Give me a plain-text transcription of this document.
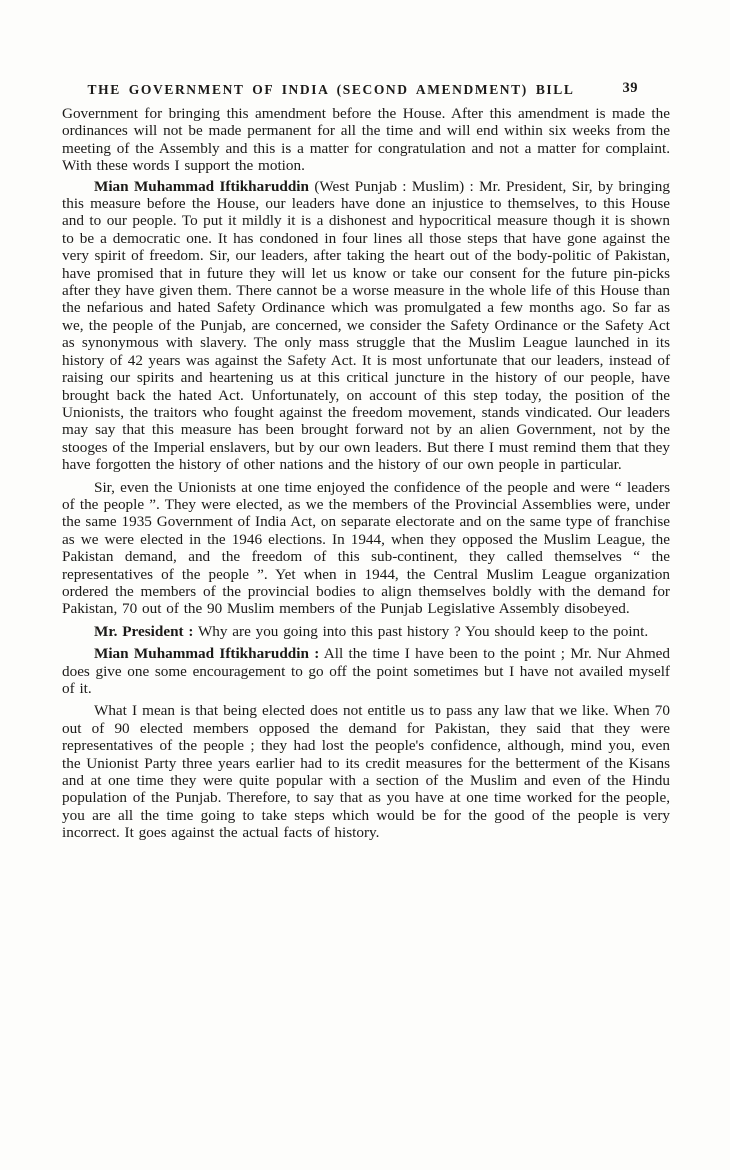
THE GOVERNMENT OF INDIA (SECOND AMENDMENT) BILL	39

Government for bringing this amendment before the House. After this amendment is made the ordinances will not be made permanent for all the time and will end within six weeks from the meeting of the Assembly and this is a matter for congratulation and not a matter for complaint. With these words I support the motion.

Mian Muhammad Iftikharuddin (West Punjab : Muslim) : Mr. President, Sir, by bringing this measure before the House, our leaders have done an injustice to themselves, to this House and to our people. To put it mildly it is a dishonest and hypocritical measure though it is shown to be a democratic one. It has condoned in four lines all those steps that have gone against the very spirit of freedom. Sir, our leaders, after taking the heart out of the body-politic of Pakistan, have promised that in future they will let us know or take our consent for the future pin-picks after they have given them. There cannot be a worse measure in the whole life of this House than the nefarious and hated Safety Ordinance which was promulgated a few months ago. So far as we, the people of the Punjab, are concerned, we consider the Safety Ordinance or the Safety Act as synonymous with slavery. The only mass struggle that the Muslim League launched in its history of 42 years was against the Safety Act. It is most unfortunate that our leaders, instead of raising our spirits and heartening us at this critical juncture in the history of our people, have brought back the hated Act. Unfortunately, on account of this step today, the position of the Unionists, the traitors who fought against the freedom movement, stands vindicated. Our leaders may say that this measure has been brought forward not by an alien Government, not by the stooges of the Imperial enslavers, but by our own leaders. But there I must remind them that they have forgotten the history of other nations and the history of our own people in particular.

Sir, even the Unionists at one time enjoyed the confidence of the people and were “ leaders of the people ”. They were elected, as we the members of the Provincial Assemblies were, under the same 1935 Government of India Act, on separate electorate and on the same type of franchise as we were elected in the 1946 elections. In 1944, when they opposed the Muslim League, the Pakistan demand, and the freedom of this sub-continent, they called themselves “ the representatives of the people ”. Yet when in 1944, the Central Muslim League organization ordered the members of the provincial bodies to align themselves boldly with the demand for Pakistan, 70 out of the 90 Muslim members of the Punjab Legislative Assembly disobeyed.

Mr. President : Why are you going into this past history ? You should keep to the point.

Mian Muhammad Iftikharuddin : All the time I have been to the point ; Mr. Nur Ahmed does give one some encouragement to go off the point sometimes but I have not availed myself of it.

What I mean is that being elected does not entitle us to pass any law that we like. When 70 out of 90 elected members opposed the demand for Pakistan, they said that they were representatives of the people ; they had lost the people's confidence, although, mind you, even the Unionist Party three years earlier had to its credit measures for the betterment of the Kisans and at one time they were quite popular with a section of the Muslim and even of the Hindu population of the Punjab. Therefore, to say that as you have at one time worked for the people, you are all the time going to take steps which would be for the good of the people is very incorrect. It goes against the actual facts of history.
